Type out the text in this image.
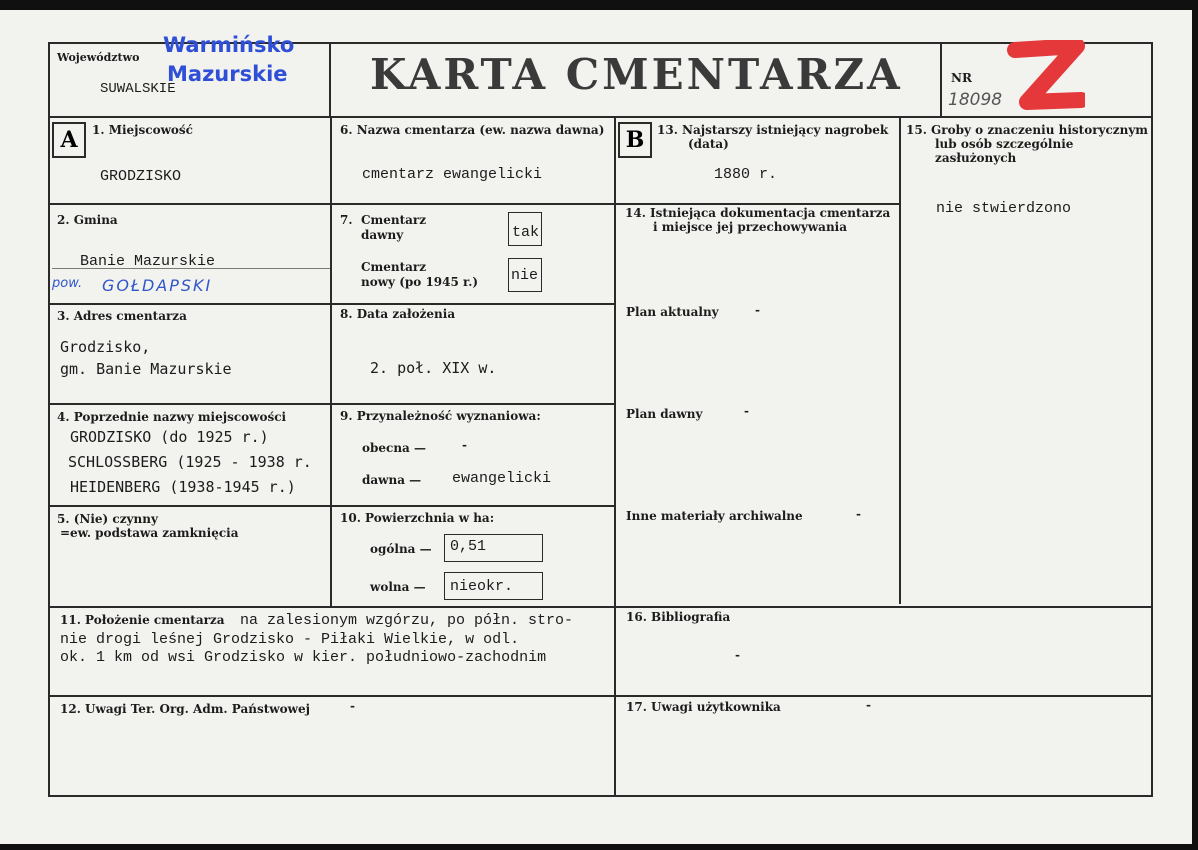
Województwo
SUWALSKIE
Warmińsko
Mazurskie KARTA CMENTARZA	NR
18098
A	1. Miejscowość
GRODZISKO
6. Nazwa cmentarza (ew. nazwa dawna)
cmentarz ewangelicki
B	13. Najstarszy istniejący nagrobek
(data)
1880 r.
15. Groby o znaczeniu historycznym
lub osób szczególnie
zasłużonych
nie stwierdzono
2. Gmina
Banie Mazurskie
pow. GOŁDAPSKI
7. Cmentarz
dawny	tak
Cmentarz
nowy (po 1945 r.) nie
14. Istniejąca dokumentacja cmentarza
i miejsce jej przechowywania
Plan aktualny	-
Plan dawny	-
Inne materiały archiwalne	-
3. Adres cmentarza
Grodzisko,
gm. Banie Mazurskie
8. Data założenia
2. poł. XIX w.
4. Poprzednie nazwy miejscowości
GRODZISKO (do 1925 r.)
SCHLOSSBERG (1925 - 1938 r.
HEIDENBERG (1938-1945 r.)
9. Przynależność wyznaniowa:
obecna —	-
dawna — ewangelicki
5. (Nie) czynny
=ew. podstawa zamknięcia
10. Powierzchnia w ha:
ogólna — 0,51
wolna — nieokr.
11. Położenie cmentarza na zalesionym wzgórzu, po półn. stro-
nie drogi leśnej Grodzisko - Piłaki Wielkie, w odl.
ok. 1 km od wsi Grodzisko w kier. południowo-zachodnim
16. Bibliografia
-
12. Uwagi Ter. Org. Adm. Państwowej	-	17. Uwagi użytkownika	-
